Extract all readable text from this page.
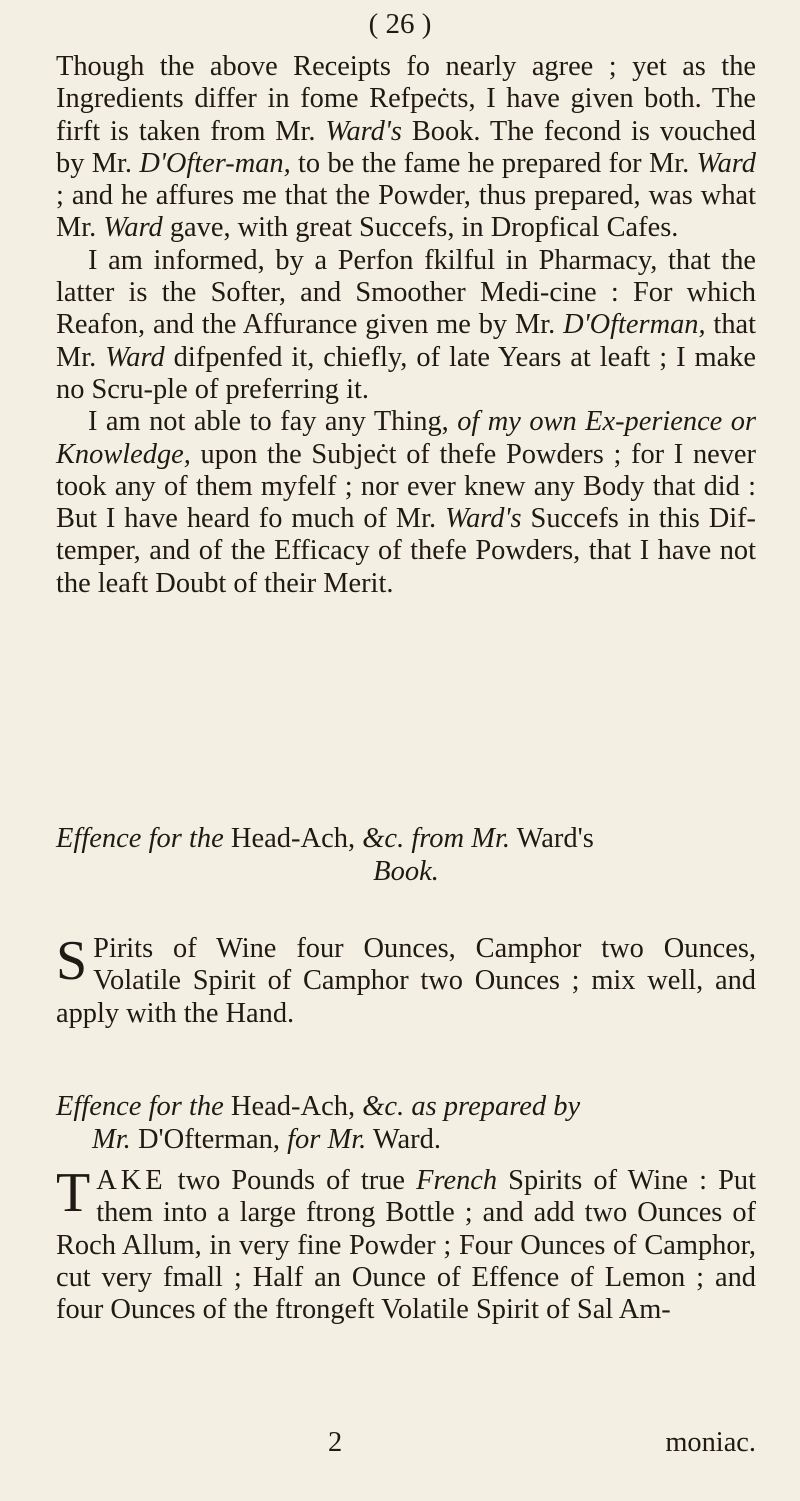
( 26 )

Though the above Receipts fo nearly agree ; yet as the Ingredients differ in fome Refpeċts, I have given both. The firft is taken from Mr. Ward's Book. The fecond is vouched by Mr. D'Ofter-man, to be the fame he prepared for Mr. Ward ; and he affures me that the Powder, thus prepared, was what Mr. Ward gave, with great Succefs, in Dropfical Cafes.

I am informed, by a Perfon fkilful in Pharmacy, that the latter is the Softer, and Smoother Medi-cine : For which Reafon, and the Affurance given me by Mr. D'Ofterman, that Mr. Ward difpenfed it, chiefly, of late Years at leaft ; I make no Scru-ple of preferring it.

I am not able to fay any Thing, of my own Ex-perience or Knowledge, upon the Subjeċt of thefe Powders ; for I never took any of them myfelf ; nor ever knew any Body that did : But I have heard fo much of Mr. Ward's Succefs in this Dif-temper, and of the Efficacy of thefe Powders, that I have not the leaft Doubt of their Merit.

Effence for the Head-Ach, &c. from Mr. Ward's
Book.

S Pirits of Wine four Ounces, Camphor two Ounces, Volatile Spirit of Camphor two Ounces ; mix well, and apply with the Hand.

Effence for the Head-Ach, &c. as prepared by
Mr. D'Ofterman, for Mr. Ward.

TAKE two Pounds of true French Spirits of Wine : Put them into a large ftrong Bottle ; and add two Ounces of Roch Allum, in very fine Powder ; Four Ounces of Camphor, cut very fmall ; Half an Ounce of Effence of Lemon ; and four Ounces of the ftrongeft Volatile Spirit of Sal Am-

2	moniac.
